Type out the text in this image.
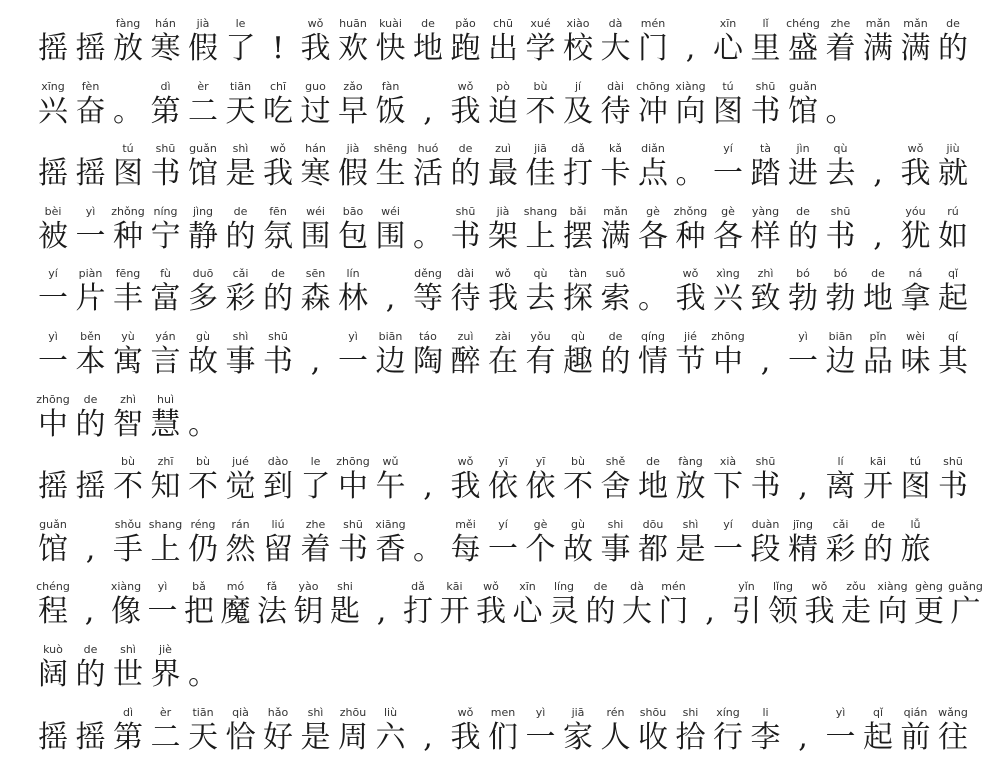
摇 摇
fàng
放
hán
寒
jià
假
le
了 !
wǒ
我
huān
欢
kuài
快
de
地
pǎo
跑
chū
出
xué
学
xiào
校
dà
大
mén
门 ,
xīn
心
lǐ
里
chéng
盛
zhe
着
mǎn
满
mǎn
满
de
的
xīng
兴
fèn
奋 。
dì
第
èr
二
tiān
天
chī
吃
guo
过
zǎo
早
fàn
饭 ,
wǒ
我
pò
迫
bù
不
jí
及
dài
待
chōng
冲
xiàng
向
tú
图
shū
书
guǎn
馆 。
摇 摇
tú
图
shū
书
guǎn
馆
shì
是
wǒ
我
hán
寒
jià
假
shēng
生
huó
活
de
的
zuì
最
jiā
佳
dǎ
打
kǎ
卡
diǎn
点 。
yí
一
tà
踏
jìn
进
qù
去 ,
wǒ
我
jiù
就
bèi
被
yì
一
zhǒng
种
níng
宁
jìng
静
de
的
fēn
氛
wéi
围
bāo
包
wéi
围 。
shū
书
jià
架
shang
上
bǎi
摆
mǎn
满
gè
各
zhǒng
种
gè
各
yàng
样
de
的
shū
书 ,
yóu
犹
rú
如
yí
一
piàn
片
fēng
丰
fù
富
duō
多
cǎi
彩
de
的
sēn
森
lín
林 ,
děng
等
dài
待
wǒ
我
qù
去
tàn
探
suǒ
索 。
wǒ
我
xìng
兴
zhì
致
bó
勃
bó
勃
de
地
ná
拿
qǐ
起
yì
一
běn
本
yù
寓
yán
言
gù
故
shì
事
shū
书 ,
yì
一
biān
边
táo
陶
zuì
醉
zài
在
yǒu
有
qù
趣
de
的
qíng
情
jié
节
zhōng
中 ,
yì
一
biān
边
pǐn
品
wèi
味
qí
其
zhōng
中
de
的
zhì
智
huì
慧 。
摇 摇
bù
不
zhī
知
bù
不
jué
觉
dào
到
le
了
zhōng
中
wǔ
午 ,
wǒ
我
yī
依
yī
依
bù
不
shě
舍
de
地
fàng
放
xià
下
shū
书 ,
lí
离
kāi
开
tú
图
shū
书
guǎn
馆 ,
shǒu
手
shang
上
réng
仍
rán
然
liú
留
zhe
着
shū
书
xiāng
香 。
měi
每
yí
一
gè
个
gù
故
shi
事
dōu
都
shì
是
yí
一
duàn
段
jīng
精
cǎi
彩
de
的
lǚ
旅
chéng
程 ,
xiàng
像
yì
一
bǎ
把
mó
魔
fǎ
法
yào
钥
shi
匙 ,
dǎ
打
kāi
开
wǒ
我
xīn
心
líng
灵
de
的
dà
大
mén
门 ,
yǐn
引
lǐng
领
wǒ
我
zǒu
走
xiàng
向
gèng
更
guǎng
广
kuò
阔
de
的
shì
世
jiè
界 。
摇 摇
dì
第
èr
二
tiān
天
qià
恰
hǎo
好
shì
是
zhōu
周
liù
六 ,
wǒ
我
men
们
yì
一
jiā
家
rén
人
shōu
收
shi
拾
xíng
行
li
李 ,
yì
一
qǐ
起
qián
前
wǎng
往
